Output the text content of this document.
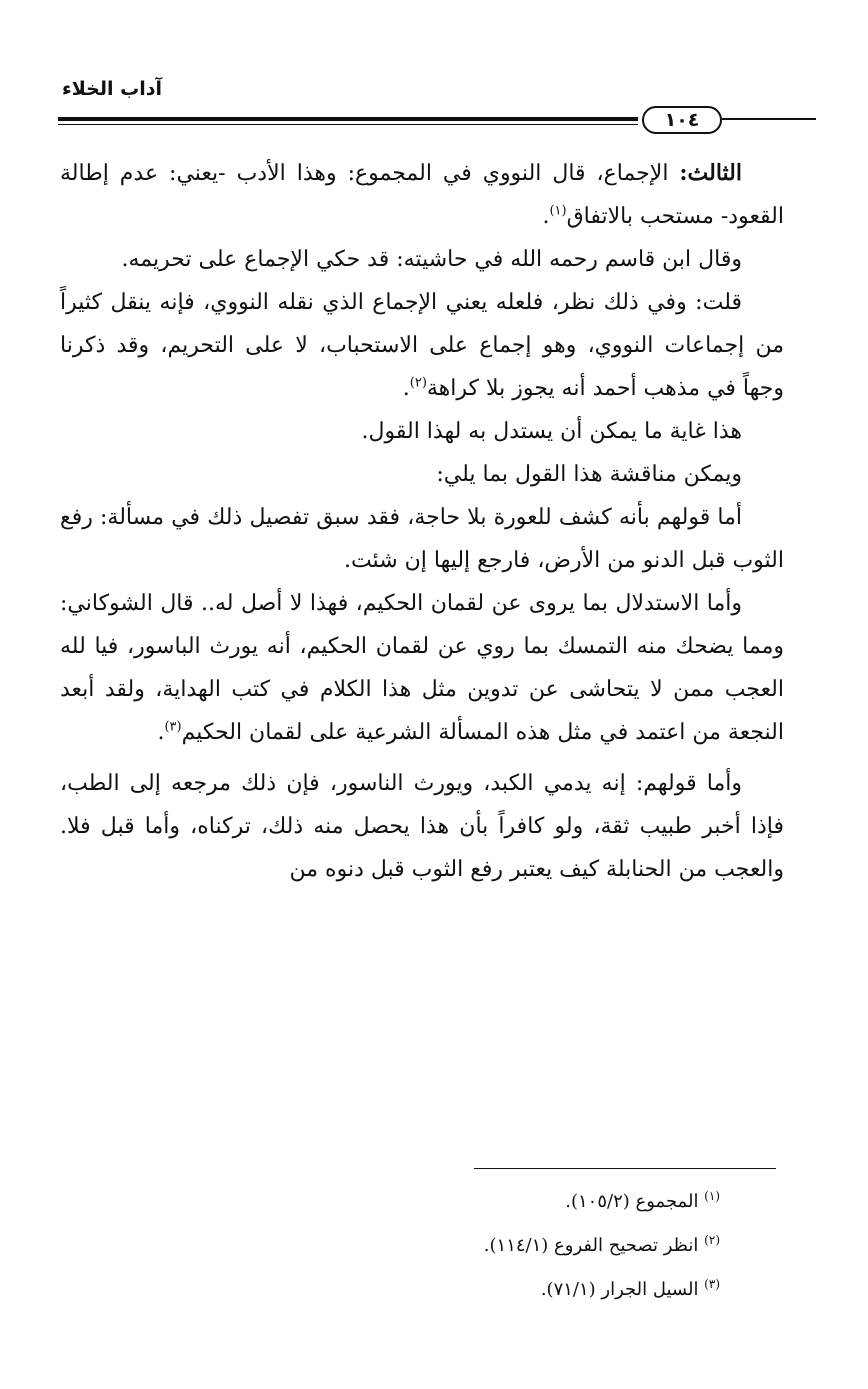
آداب الخلاء
١٠٤

الثالث: الإجماع، قال النووي في المجموع: وهذا الأدب -يعني: عدم إطالة القعود- مستحب بالاتفاق$^{(١)}$.

وقال ابن قاسم رحمه الله في حاشيته: قد حكي الإجماع على تحريمه.

قلت: وفي ذلك نظر، فلعله يعني الإجماع الذي نقله النووي، فإنه ينقل كثيراً من إجماعات النووي، وهو إجماع على الاستحباب، لا على التحريم، وقد ذكرنا وجهاً في مذهب أحمد أنه يجوز بلا كراهة$^{(٢)}$.

هذا غاية ما يمكن أن يستدل به لهذا القول.

ويمكن مناقشة هذا القول بما يلي:

أما قولهم بأنه كشف للعورة بلا حاجة، فقد سبق تفصيل ذلك في مسألة: رفع الثوب قبل الدنو من الأرض، فارجع إليها إن شئت.

وأما الاستدلال بما يروى عن لقمان الحكيم، فهذا لا أصل له.. قال الشوكاني: ومما يضحك منه التمسك بما روي عن لقمان الحكيم، أنه يورث الباسور، فيا لله العجب ممن لا يتحاشى عن تدوين مثل هذا الكلام في كتب الهداية، ولقد أبعد النجعة من اعتمد في مثل هذه المسألة الشرعية على لقمان الحكيم$^{(٣)}$.

وأما قولهم: إنه يدمي الكبد، ويورث الناسور، فإن ذلك مرجعه إلى الطب، فإذا أخبر طبيب ثقة، ولو كافراً بأن هذا يحصل منه ذلك، تركناه، وأما قبل فلا. والعجب من الحنابلة كيف يعتبر رفع الثوب قبل دنوه من

$^{(١)}$ المجموع (١٠٥/٢).

$^{(٢)}$ انظر تصحيح الفروع (١١٤/١).

$^{(٣)}$ السيل الجرار (٧١/١).
